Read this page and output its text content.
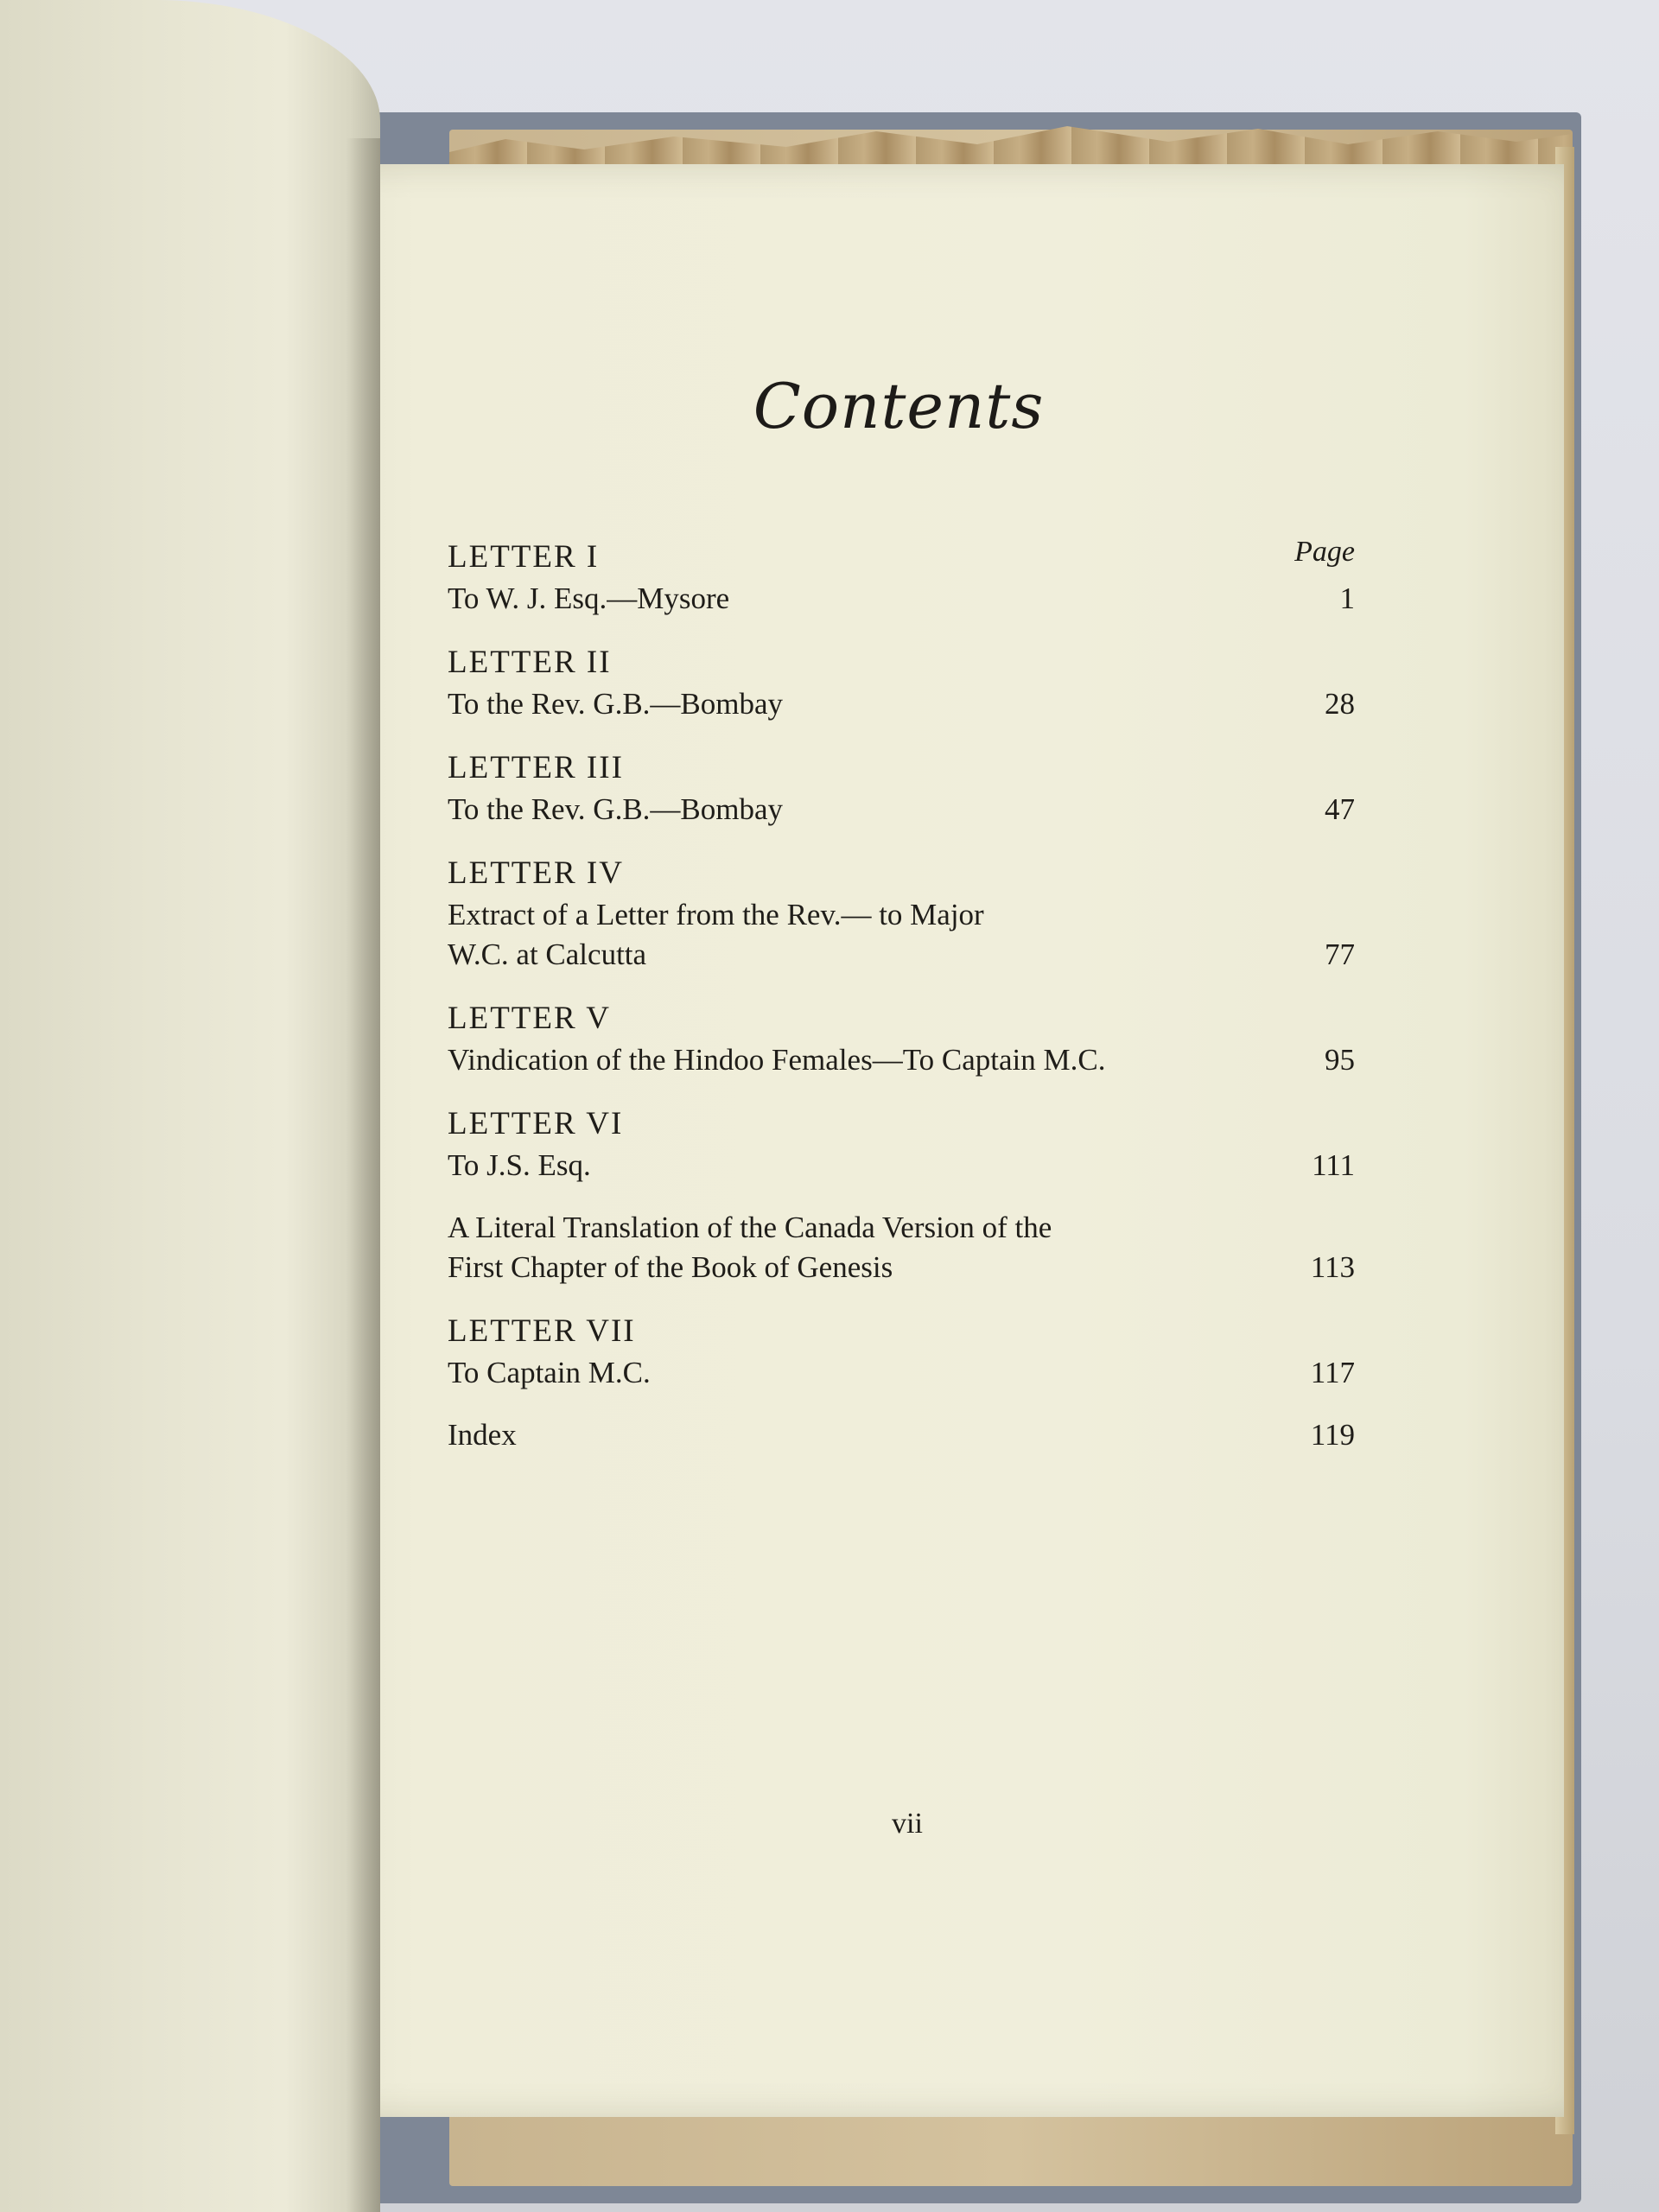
Contents
Page
LETTER I
To W. J. Esq.—Mysore	1
LETTER II
To the Rev. G.B.—Bombay	28
LETTER III
To the Rev. G.B.—Bombay	47
LETTER IV
Extract of a Letter from the Rev.— to Major
W.C. at Calcutta	77
LETTER V
Vindication of the Hindoo Females—To Captain M.C.	95
LETTER VI
To J.S. Esq.	111
A Literal Translation of the Canada Version of the
First Chapter of the Book of Genesis	113
LETTER VII
To Captain M.C.	117
Index	119
vii
